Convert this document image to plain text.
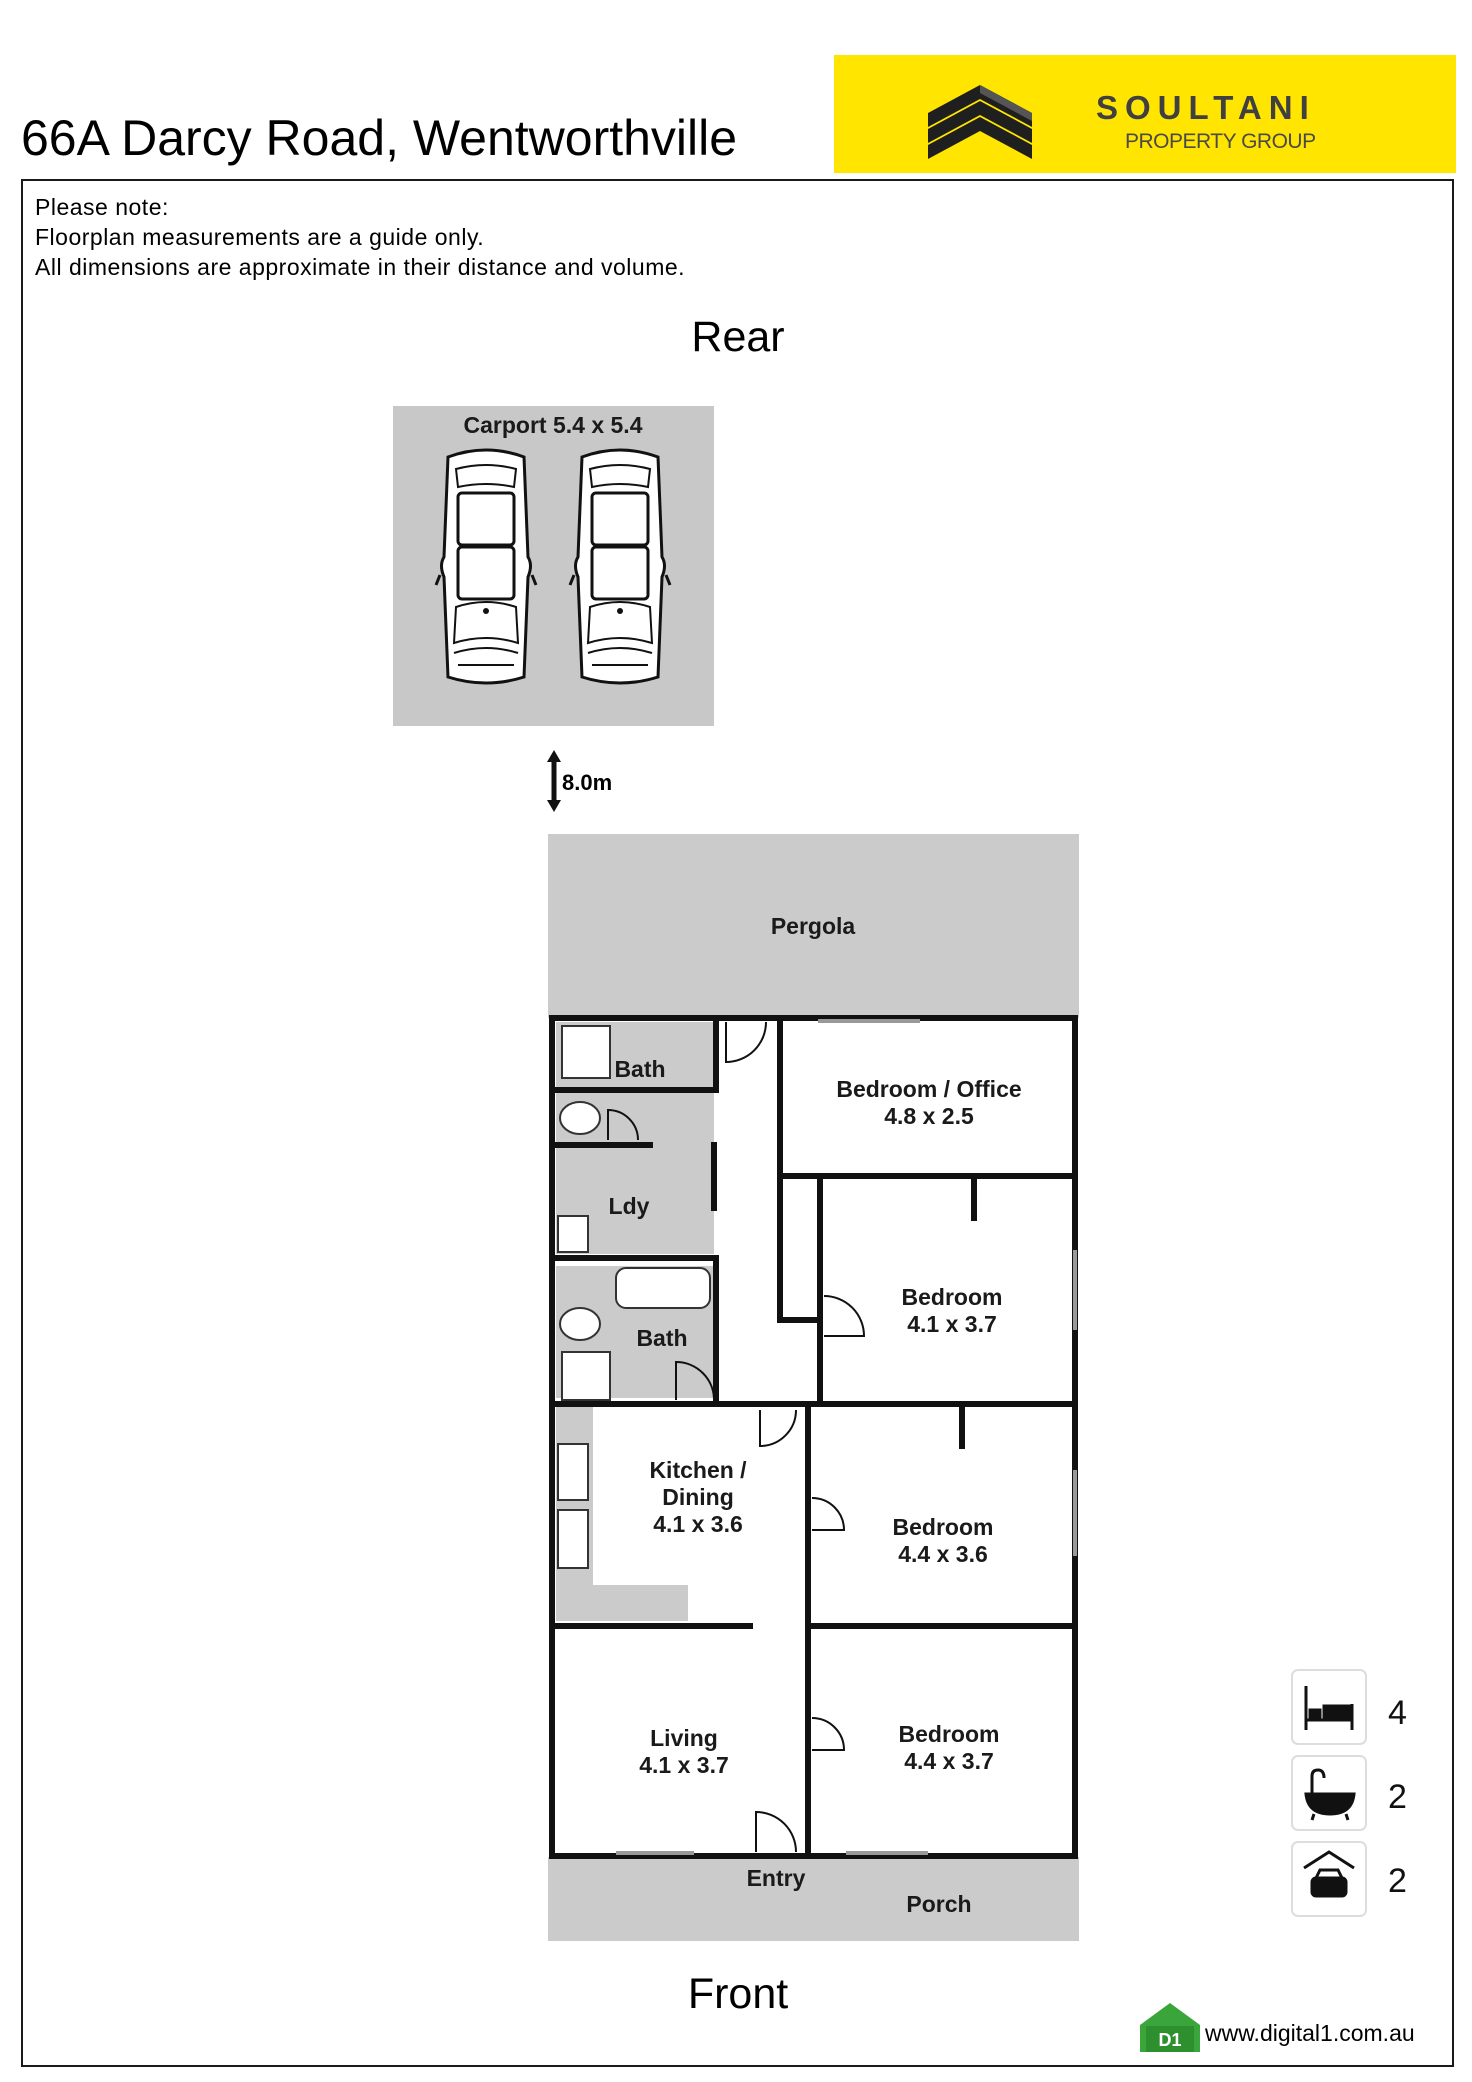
66A Darcy Road, Wentworthville
SOULTANI
PROPERTY GROUP
Please note:
Floorplan measurements are a guide only.
All dimensions are approximate in their distance and volume.
Rear
Front
Carport 5.4 x 5.4
8.0m
Pergola
Bath
Ldy
Bath
Bedroom / Office
4.8 x 2.5
Bedroom
4.1 x 3.7
Kitchen /
Dining
4.1 x 3.6	Bedroom
4.4 x 3.6
Living
4.1 x 3.7
Bedroom
4.4 x 3.7
Entry
Porch
4
2
2
D1 www.digital1.com.au
